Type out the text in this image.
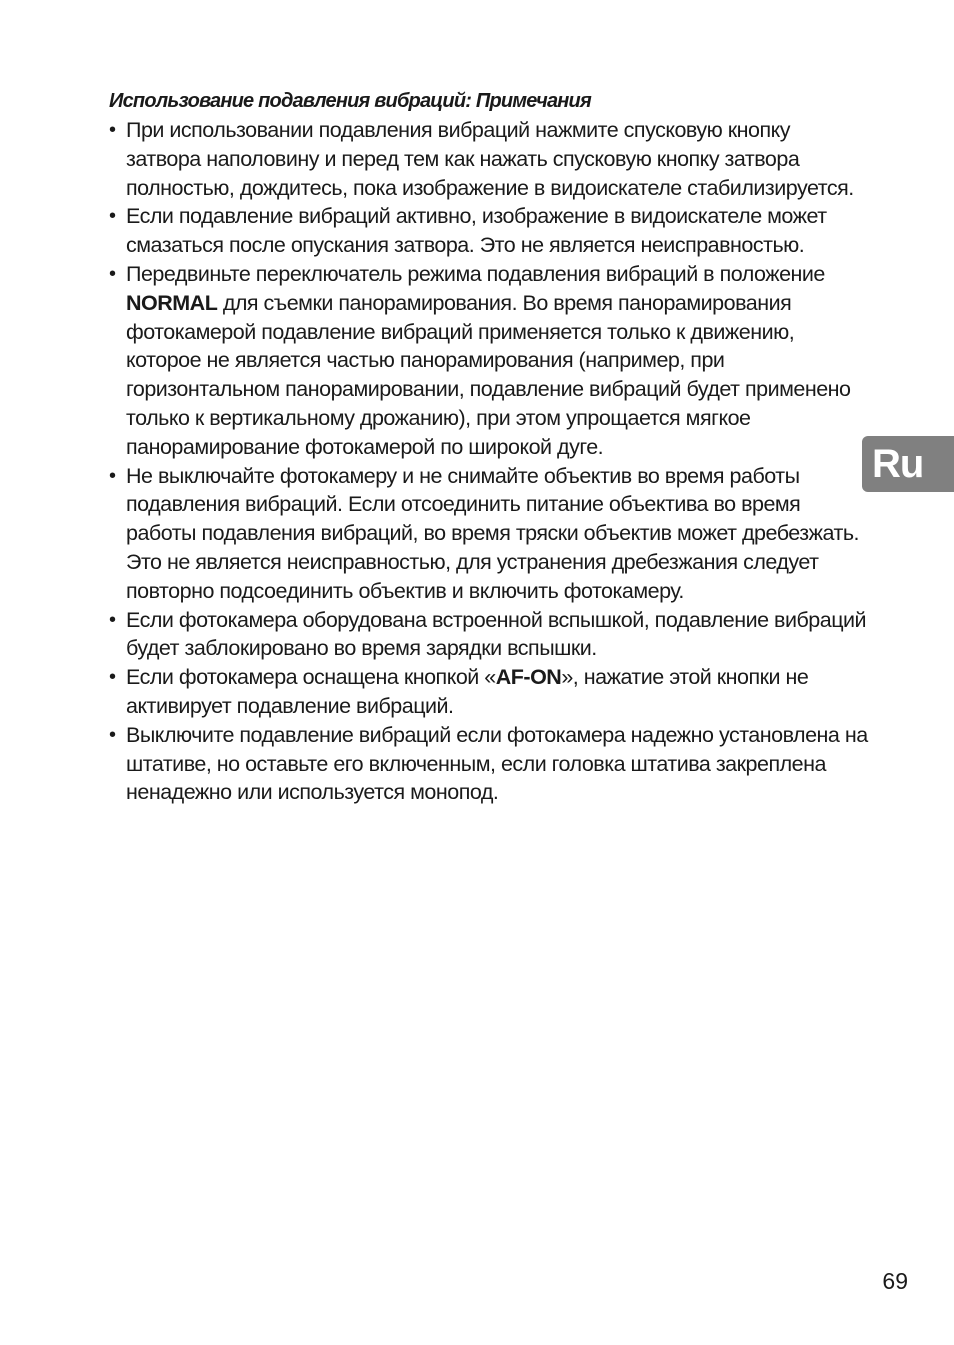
Использование подавления вибраций: Примечания
• При использовании подавления вибраций нажмите спусковую кнопку затвора наполовину и перед тем как нажать спусковую кнопку затвора полностью, дождитесь, пока изображение в видоискателе стабилизируется.
• Если подавление вибраций активно, изображение в видоискателе может смазаться после опускания затвора. Это не является неисправностью.
• Передвиньте переключатель режима подавления вибраций в положение NORMAL для съемки панорамирования. Во время панорамирования фотокамерой подавление вибраций применяется только к движению, которое не является частью панорамирования (например, при горизонтальном панорамировании, подавление вибраций будет применено только к вертикальному дрожанию), при этом упрощается мягкое панорамирование фотокамерой по широкой дуге.
• Не выключайте фотокамеру и не снимайте объектив во время работы подавления вибраций. Если отсоединить питание объектива во время работы подавления вибраций, во время тряски объектив может дребезжать. Это не является неисправностью, для устранения дребезжания следует повторно подсоединить объектив и включить фотокамеру.
• Если фотокамера оборудована встроенной вспышкой, подавление вибраций будет заблокировано во время зарядки вспышки.
• Если фотокамера оснащена кнопкой «AF-ON», нажатие этой кнопки не активирует подавление вибраций.
• Выключите подавление вибраций если фотокамера надежно установлена на штативе, но оставьте его включенным, если головка штатива закреплена ненадежно или используется монопод.
Ru
69
